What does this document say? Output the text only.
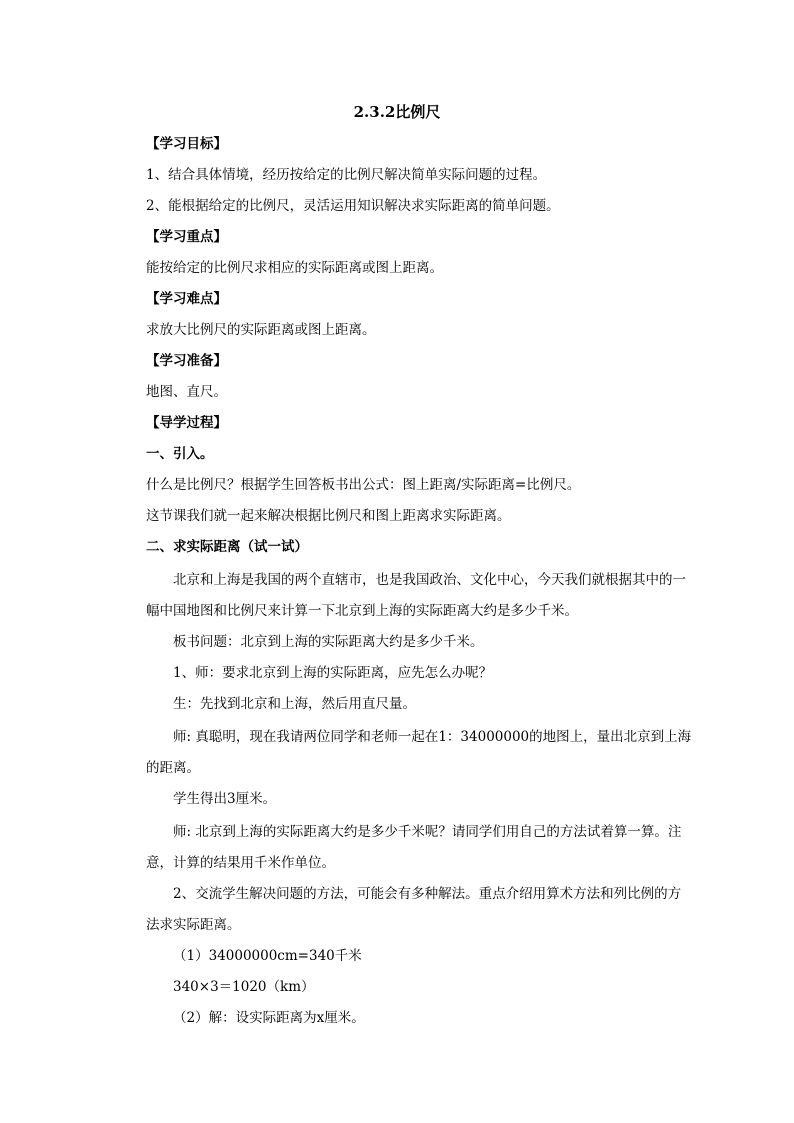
2.3.2比例尺
【学习目标】
1、结合具体情境，经历按给定的比例尺解决简单实际问题的过程。
2、能根据给定的比例尺，灵活运用知识解决求实际距离的简单问题。
【学习重点】
能按给定的比例尺求相应的实际距离或图上距离。
【学习难点】
求放大比例尺的实际距离或图上距离。
【学习准备】
地图、直尺。
【导学过程】
一、引入。
什么是比例尺？根据学生回答板书出公式：图上距离/实际距离=比例尺。
这节课我们就一起来解决根据比例尺和图上距离求实际距离。
二、求实际距离（试一试）
北京和上海是我国的两个直辖市，也是我国政治、文化中心，今天我们就根据其中的一
幅中国地图和比例尺来计算一下北京到上海的实际距离大约是多少千米。
板书问题：北京到上海的实际距离大约是多少千米。
1、师：要求北京到上海的实际距离，应先怎么办呢？
生：先找到北京和上海，然后用直尺量。
师: 真聪明，现在我请两位同学和老师一起在1：34000000的地图上，量出北京到上海
的距离。
学生得出3厘米。
师: 北京到上海的实际距离大约是多少千米呢？请同学们用自己的方法试着算一算。注
意，计算的结果用千米作单位。
2、交流学生解决问题的方法，可能会有多种解法。重点介绍用算术方法和列比例的方
法求实际距离。
（1）34000000cm=340千米
340×3＝1020（km）
（2）解：设实际距离为x厘米。
